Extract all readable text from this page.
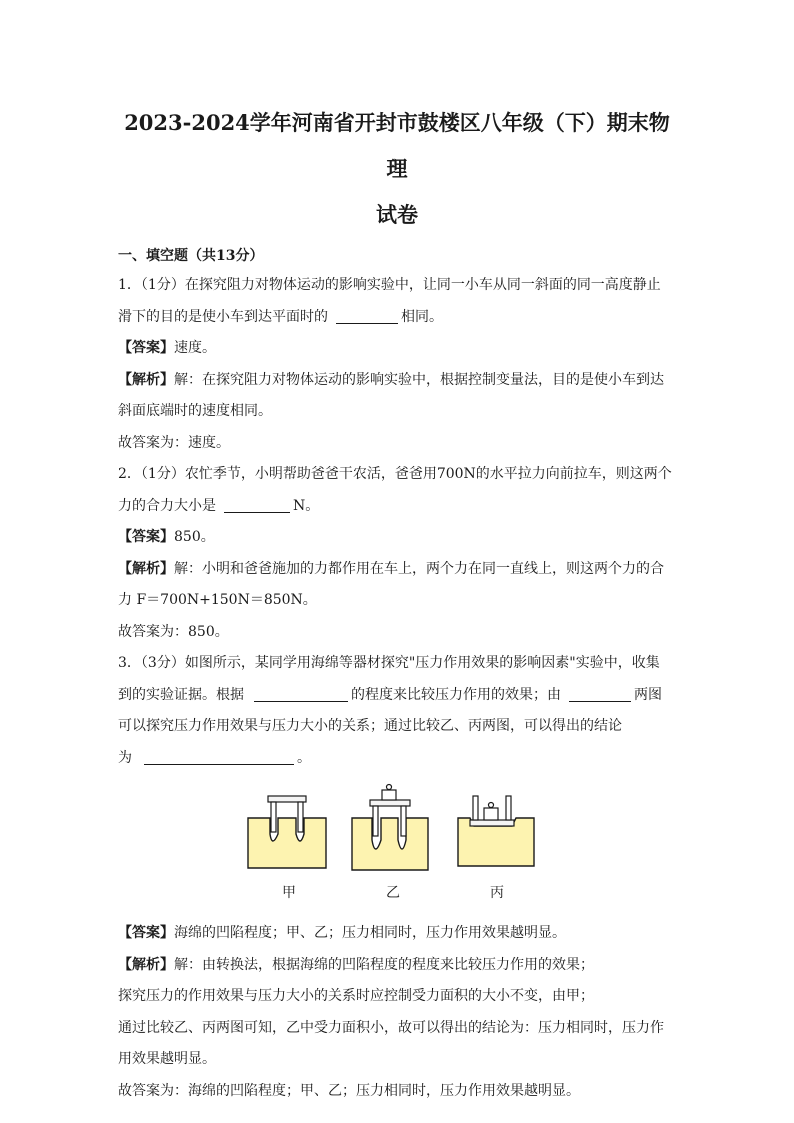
2023-2024学年河南省开封市鼓楼区八年级（下）期末物理
试卷
一、填空题（共13分）
1．（1分）在探究阻力对物体运动的影响实验中，让同一小车从同一斜面的同一高度静止
滑下的目的是使小车到达平面时的	相同。
【答案】速度。
【解析】解：在探究阻力对物体运动的影响实验中，根据控制变量法，目的是使小车到达
斜面底端时的速度相同。
故答案为：速度。
2．（1分）农忙季节，小明帮助爸爸干农活，爸爸用700N的水平拉力向前拉车，则这两个
力的合力大小是	N。
【答案】850。
【解析】解：小明和爸爸施加的力都作用在车上，两个力在同一直线上，则这两个力的合
力 F＝700N+150N＝850N。
故答案为：850。
3．（3分）如图所示，某同学用海绵等器材探究"压力作用效果的影响因素"实验中，收集
到的实验证据。根据	的程度来比较压力作用的效果；由	两图
可以探究压力作用效果与压力大小的关系；通过比较乙、丙两图，可以得出的结论
为	。
甲	乙	丙
【答案】海绵的凹陷程度；甲、乙；压力相同时，压力作用效果越明显。
【解析】解：由转换法，根据海绵的凹陷程度的程度来比较压力作用的效果；
探究压力的作用效果与压力大小的关系时应控制受力面积的大小不变，由甲；
通过比较乙、丙两图可知，乙中受力面积小，故可以得出的结论为：压力相同时，压力作
用效果越明显。
故答案为：海绵的凹陷程度；甲、乙；压力相同时，压力作用效果越明显。
